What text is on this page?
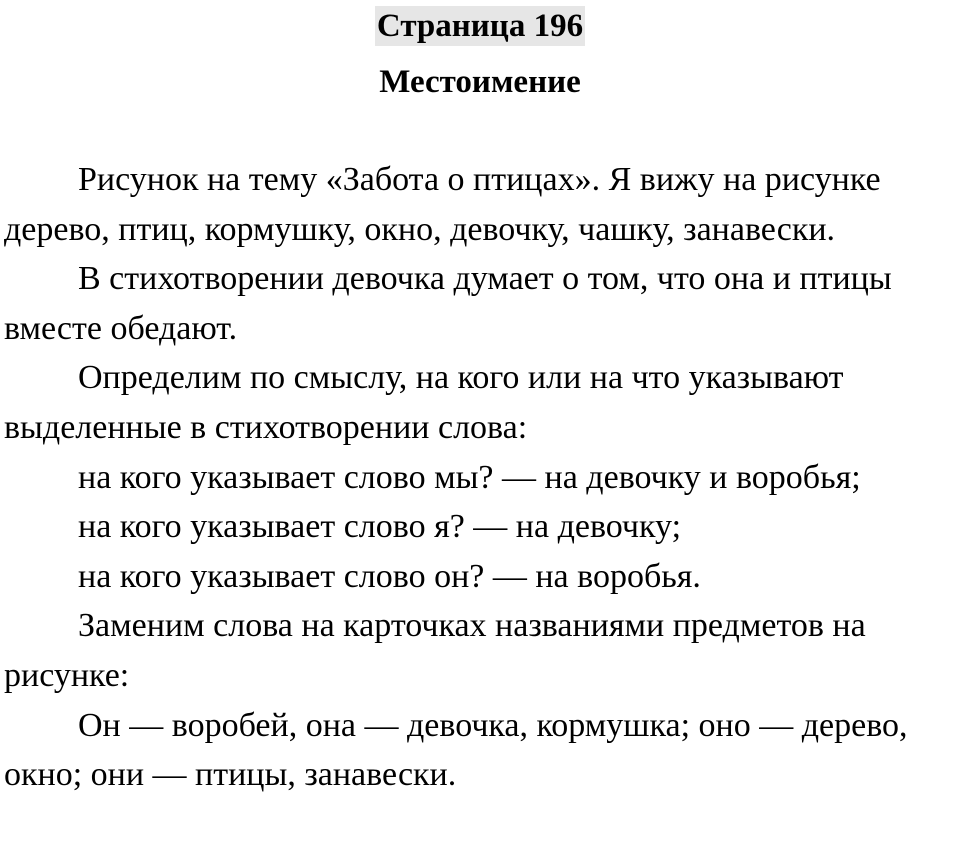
Страница 196
Местоимение

Рисунок на тему «Забота о птицах». Я вижу на рисунке дерево, птиц, кормушку, окно, девочку, чашку, занавески.

В стихотворении девочка думает о том, что она и птицы вместе обедают.

Определим по смыслу, на кого или на что указывают выделенные в стихотворении слова:

на кого указывает слово мы? — на девочку и воробья;

на кого указывает слово я? — на девочку;

на кого указывает слово он? — на воробья.

Заменим слова на карточках названиями предметов на рисунке:

Он — воробей, она — девочка, кормушка; оно — дерево, окно; они — птицы, занавески.
